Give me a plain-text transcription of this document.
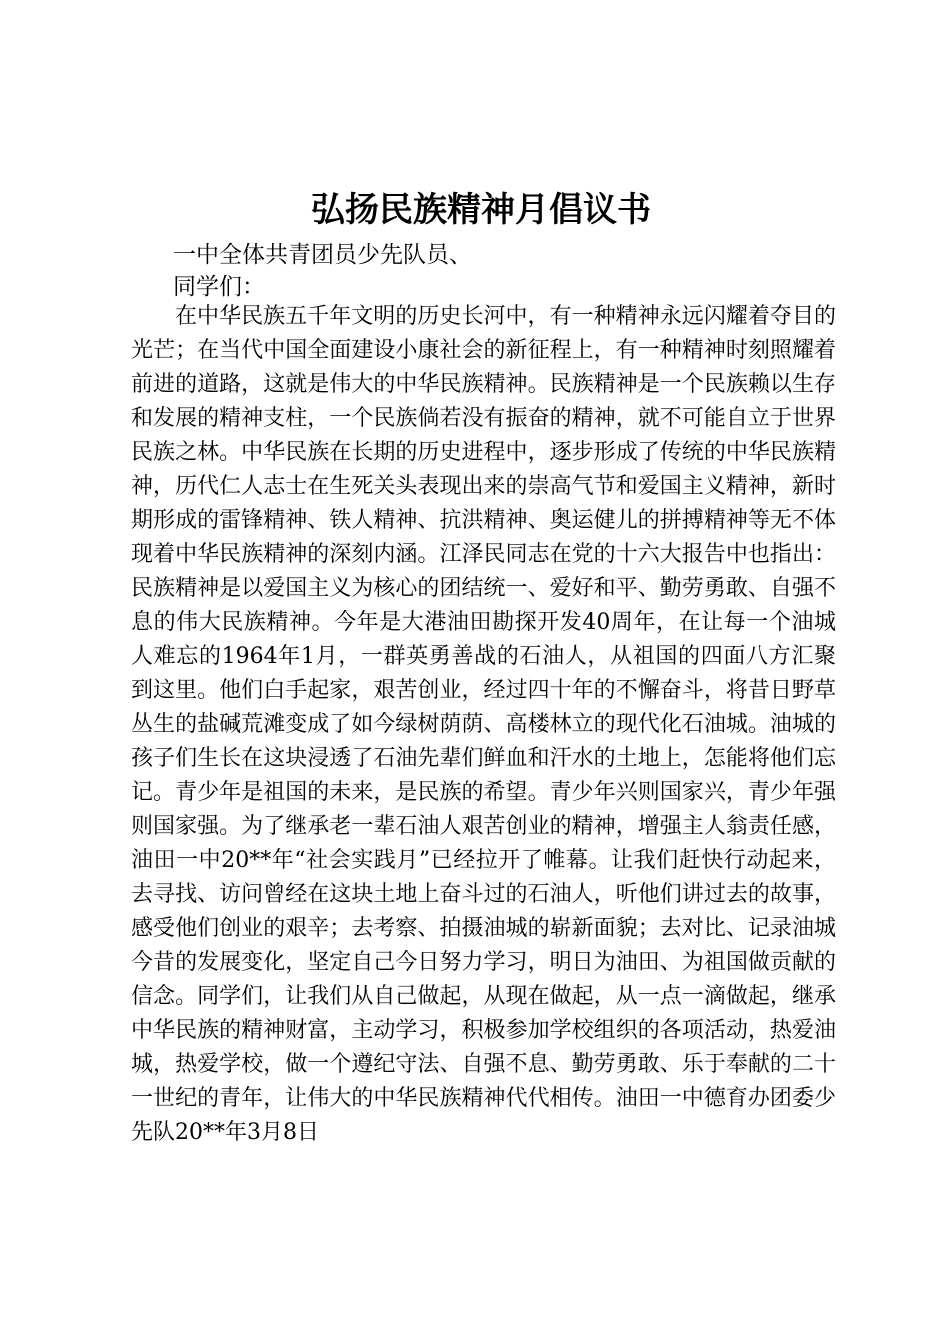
弘扬民族精神月倡议书

一中全体共青团员少先队员、

同学们：

在中华民族五千年文明的历史长河中，有一种精神永远闪耀着夺目的光芒；在当代中国全面建设小康社会的新征程上，有一种精神时刻照耀着前进的道路，这就是伟大的中华民族精神。民族精神是一个民族赖以生存和发展的精神支柱，一个民族倘若没有振奋的精神，就不可能自立于世界民族之林。中华民族在长期的历史进程中，逐步形成了传统的中华民族精神，历代仁人志士在生死关头表现出来的崇高气节和爱国主义精神，新时期形成的雷锋精神、铁人精神、抗洪精神、奥运健儿的拼搏精神等无不体现着中华民族精神的深刻内涵。江泽民同志在党的十六大报告中也指出：民族精神是以爱国主义为核心的团结统一、爱好和平、勤劳勇敢、自强不息的伟大民族精神。今年是大港油田勘探开发40周年，在让每一个油城人难忘的1964年1月，一群英勇善战的石油人，从祖国的四面八方汇聚到这里。他们白手起家，艰苦创业，经过四十年的不懈奋斗，将昔日野草丛生的盐碱荒滩变成了如今绿树荫荫、高楼林立的现代化石油城。油城的孩子们生长在这块浸透了石油先辈们鲜血和汗水的土地上，怎能将他们忘记。青少年是祖国的未来，是民族的希望。青少年兴则国家兴，青少年强则国家强。为了继承老一辈石油人艰苦创业的精神，增强主人翁责任感，油田一中20**年“社会实践月”已经拉开了帷幕。让我们赶快行动起来，去寻找、访问曾经在这块土地上奋斗过的石油人，听他们讲过去的故事，感受他们创业的艰辛；去考察、拍摄油城的崭新面貌；去对比、记录油城今昔的发展变化，坚定自己今日努力学习，明日为油田、为祖国做贡献的信念。同学们，让我们从自己做起，从现在做起，从一点一滴做起，继承中华民族的精神财富，主动学习，积极参加学校组织的各项活动，热爱油城，热爱学校，做一个遵纪守法、自强不息、勤劳勇敢、乐于奉献的二十一世纪的青年，让伟大的中华民族精神代代相传。油田一中德育办团委少先队20**年3月8日
